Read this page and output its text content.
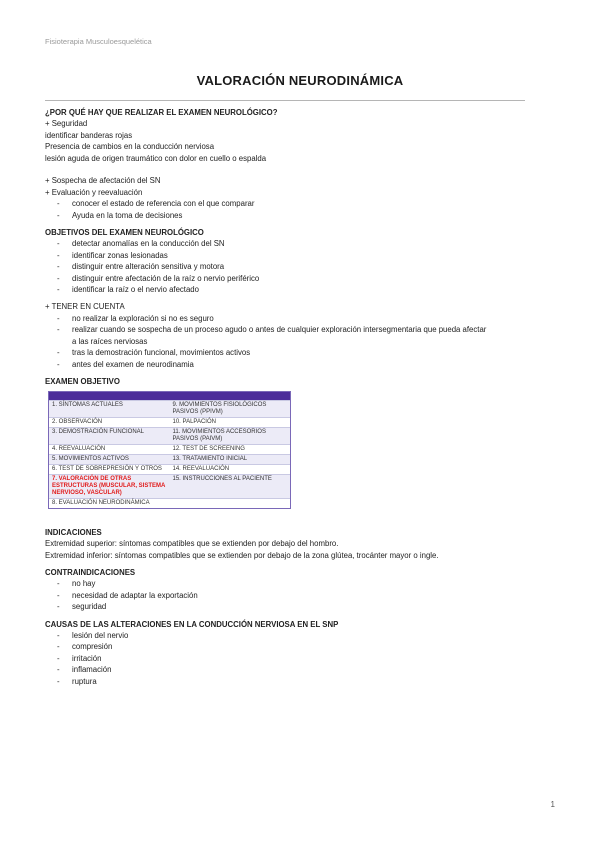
Fisioterapia Musculoesquelética
VALORACIÓN NEURODINÁMICA
¿POR QUÉ HAY QUE REALIZAR EL EXAMEN NEUROLÓGICO?
+ Seguridad
identificar banderas rojas
Presencia de cambios en la conducción nerviosa
lesión aguda de origen traumático con dolor en cuello o espalda
+ Sospecha de afectación del SN
+ Evaluación y reevaluación
- conocer el estado de referencia con el que comparar
- Ayuda en la toma de decisiones
OBJETIVOS DEL EXAMEN NEUROLÓGICO
- detectar anomalías en la conducción del SN
- identificar zonas lesionadas
- distinguir entre alteración sensitiva y motora
- distinguir entre afectación de la raíz o nervio periférico
- identificar la raíz o el nervio afectado
+ TENER EN CUENTA
- no realizar la exploración si no es seguro
- realizar cuando se sospecha de un proceso agudo o antes de cualquier exploración intersegmentaria que pueda afectar
a las raíces nerviosas
- tras la demostración funcional, movimientos activos
- antes del examen de neurodinamia
EXAMEN OBJETIVO
1. SÍNTOMAS ACTUALES	9. MOVIMIENTOS FISIOLÓGICOS PASIVOS (PPIVM)
2. OBSERVACIÓN	10. PALPACIÓN
3. DEMOSTRACIÓN FUNCIONAL	11. MOVIMIENTOS ACCESORIOS PASIVOS (PAIVM)
4. REEVALUACIÓN	12. TEST DE SCREENING
5. MOVIMIENTOS ACTIVOS	13. TRATAMIENTO INICIAL
6. TEST DE SOBREPRESIÓN Y OTROS	14. REEVALUACIÓN
7. VALORACIÓN DE OTRAS ESTRUCTURAS (MUSCULAR, SISTEMA NERVIOSO, VASCULAR)	15. INSTRUCCIONES AL PACIENTE
8. EVALUACIÓN NEURODINÁMICA	
INDICACIONES
Extremidad superior: síntomas compatibles que se extienden por debajo del hombro.
Extremidad inferior: síntomas compatibles que se extienden por debajo de la zona glútea, trocánter mayor o ingle.
CONTRAINDICACIONES
- no hay
- necesidad de adaptar la exportación
- seguridad
CAUSAS DE LAS ALTERACIONES EN LA CONDUCCIÓN NERVIOSA EN EL SNP
- lesión del nervio
- compresión
- irritación
- inflamación
- ruptura
1
